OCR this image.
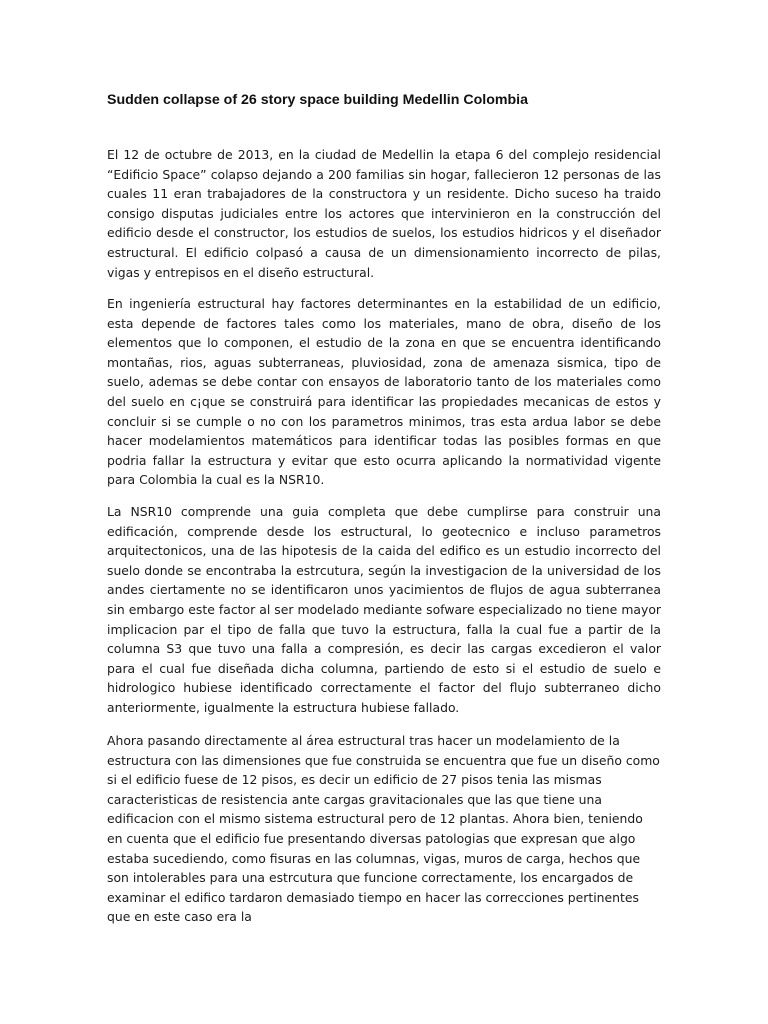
Sudden collapse of 26 story space building Medellin Colombia

El 12 de octubre de 2013, en la ciudad de Medellin la etapa 6 del complejo residencial “Edificio Space” colapso dejando a 200 familias sin hogar, fallecieron 12 personas de las cuales 11 eran trabajadores de la constructora y un residente. Dicho suceso ha traido consigo disputas judiciales entre los actores que intervinieron en la construcción del edificio desde el constructor, los estudios de suelos, los estudios hidricos y el diseñador estructural. El edificio colpasó a causa de un dimensionamiento incorrecto de pilas, vigas y entrepisos en el diseño estructural.

En ingeniería estructural hay factores determinantes en la estabilidad de un edificio, esta depende de factores tales como los materiales, mano de obra, diseño de los elementos que lo componen, el estudio de la zona en que se encuentra identificando montañas, rios, aguas subterraneas, pluviosidad, zona de amenaza sismica, tipo de suelo, ademas se debe contar con ensayos de laboratorio tanto de los materiales como del suelo en c¡que se construirá para identificar las propiedades mecanicas de estos y concluir si se cumple o no con los parametros minimos, tras esta ardua labor se debe hacer modelamientos matemáticos para identificar todas las posibles formas en que podria fallar la estructura y evitar que esto ocurra aplicando la normatividad vigente para Colombia la cual es la NSR10.

La NSR10 comprende una guia completa que debe cumplirse para construir una edificación, comprende desde los estructural, lo geotecnico e incluso parametros arquitectonicos, una de las hipotesis de la caida del edifico es un estudio incorrecto del suelo donde se encontraba la estrcutura, según la investigacion de la universidad de los andes ciertamente no se identificaron unos yacimientos de flujos de agua subterranea sin embargo este factor al ser modelado mediante sofware especializado no tiene mayor implicacion par el tipo de falla que tuvo la estructura, falla la cual fue a partir de la columna S3 que tuvo una falla a compresión, es decir las cargas excedieron el valor para el cual fue diseñada dicha columna, partiendo de esto si el estudio de suelo e hidrologico hubiese identificado correctamente el factor del flujo subterraneo dicho anteriormente, igualmente la estructura hubiese fallado.

Ahora pasando directamente al área estructural tras hacer un modelamiento de la estructura con las dimensiones que fue construida se encuentra que fue un diseño como si el edificio fuese de 12 pisos, es decir un edificio de 27 pisos tenia las mismas caracteristicas de resistencia ante cargas gravitacionales que las que tiene una edificacion con el mismo sistema estructural pero de 12 plantas. Ahora bien, teniendo en cuenta que el edificio fue presentando diversas patologias que expresan que algo estaba sucediendo, como fisuras en las columnas, vigas, muros de carga, hechos que son intolerables para una estrcutura que funcione correctamente, los encargados de examinar el edifico tardaron demasiado tiempo en hacer las correcciones pertinentes que en este caso era la
